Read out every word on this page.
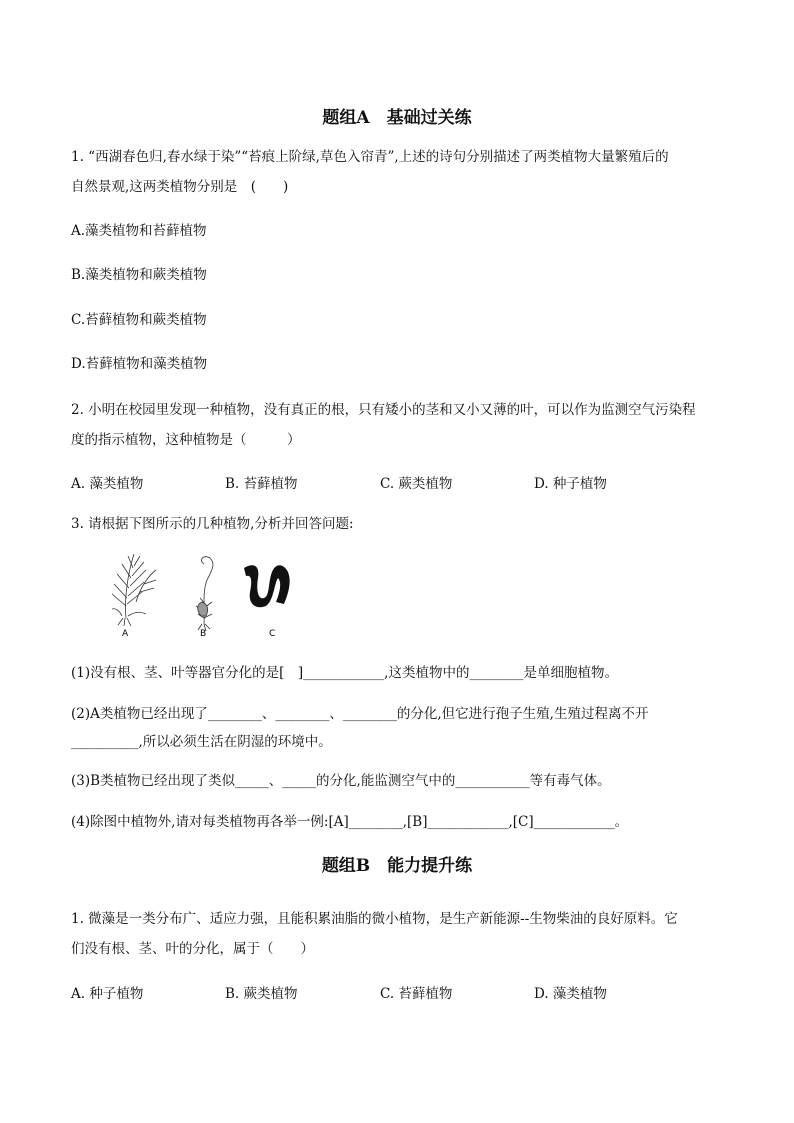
题组A　基础过关练
1. “西湖春色归,春水绿于染”“苔痕上阶绿,草色入帘青”,上述的诗句分别描述了两类植物大量繁殖后的
自然景观,这两类植物分别是　(　　)
A.藻类植物和苔藓植物
B.藻类植物和蕨类植物
C.苔藓植物和蕨类植物
D.苔藓植物和藻类植物
2. 小明在校园里发现一种植物，没有真正的根，只有矮小的茎和又小又薄的叶，可以作为监测空气污染程
度的指示植物，这种植物是（　　　）
A. 藻类植物	B. 苔藓植物	C. 蕨类植物	D. 种子植物
3. 请根据下图所示的几种植物,分析并回答问题:
A	B	C
(1)没有根、茎、叶等器官分化的是[　]____________,这类植物中的________是单细胞植物。
(2)A类植物已经出现了________、________、________的分化,但它进行孢子生殖,生殖过程离不开
__________,所以必须生活在阴湿的环境中。
(3)B类植物已经出现了类似_____、_____的分化,能监测空气中的___________等有毒气体。
(4)除图中植物外,请对每类植物再各举一例:[A]________,[B]____________,[C]____________。
题组B　能力提升练
1. 微藻是一类分布广、适应力强，且能积累油脂的微小植物，是生产新能源--生物柴油的良好原料。它
们没有根、茎、叶的分化，属于（　　）
A. 种子植物	B. 蕨类植物	C. 苔藓植物	D. 藻类植物
